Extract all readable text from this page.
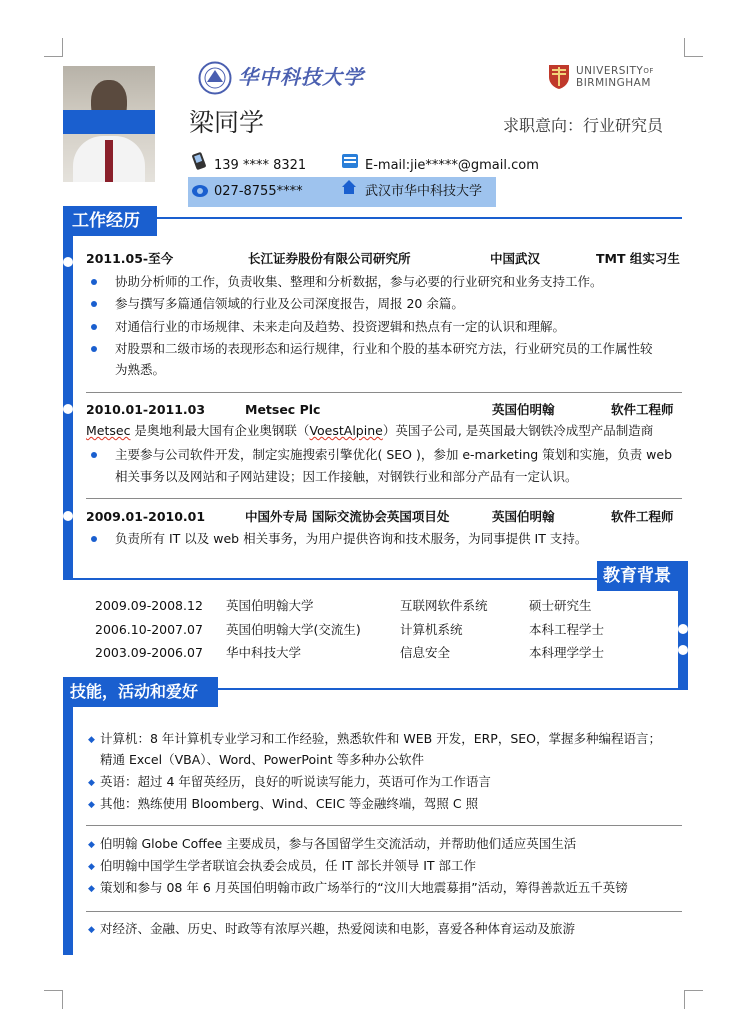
华中科技大学	$UNIVERSITY^{OF}$
BIRMINGHAM
梁同学	求职意向：行业研究员
139 **** 8321	E-mail:jie*****@gmail.com
027-8755****	武汉市华中科技大学
工作经历
2011.05-至今	长江证券股份有限公司研究所	中国武汉	TMT 组实习生
协助分析师的工作，负责收集、整理和分析数据，参与必要的行业研究和业务支持工作。
参与撰写多篇通信领域的行业及公司深度报告，周报 20 余篇。
对通信行业的市场规律、未来走向及趋势、投资逻辑和热点有一定的认识和理解。
对股票和二级市场的表现形态和运行规律，行业和个股的基本研究方法，行业研究员的工作属性较
为熟悉。
2010.01-2011.03	Metsec Plc	英国伯明翰	软件工程师
Metsec 是奥地利最大国有企业奥钢联（VoestAlpine）英国子公司, 是英国最大钢铁冷成型产品制造商
主要参与公司软件开发，制定实施搜索引擎优化( SEO )，参加 e-marketing 策划和实施，负责 web
相关事务以及网站和子网站建设；因工作接触，对钢铁行业和部分产品有一定认识。
2009.01-2010.01	中国外专局 国际交流协会英国项目处	英国伯明翰	软件工程师
负责所有 IT 以及 web 相关事务，为用户提供咨询和技术服务，为同事提供 IT 支持。
教育背景
2009.09-2008.12 英国伯明翰大学	互联网软件系统	硕士研究生
2006.10-2007.07 英国伯明翰大学(交流生)	计算机系统	本科工程学士
2003.09-2006.07 华中科技大学	信息安全	本科理学学士
技能，活动和爱好
◆ 计算机：8 年计算机专业学习和工作经验，熟悉软件和 WEB 开发，ERP，SEO，掌握多种编程语言；
精通 Excel（VBA）、Word、PowerPoint 等多种办公软件
◆ 英语：超过 4 年留英经历，良好的听说读写能力，英语可作为工作语言
◆ 其他：熟练使用 Bloomberg、Wind、CEIC 等金融终端，驾照 C 照
◆ 伯明翰 Globe Coffee 主要成员，参与各国留学生交流活动，并帮助他们适应英国生活
◆ 伯明翰中国学生学者联谊会执委会成员，任 IT 部长并领导 IT 部工作
◆ 策划和参与 08 年 6 月英国伯明翰市政广场举行的“汶川大地震募捐”活动，筹得善款近五千英镑
◆ 对经济、金融、历史、时政等有浓厚兴趣，热爱阅读和电影，喜爱各种体育运动及旅游
